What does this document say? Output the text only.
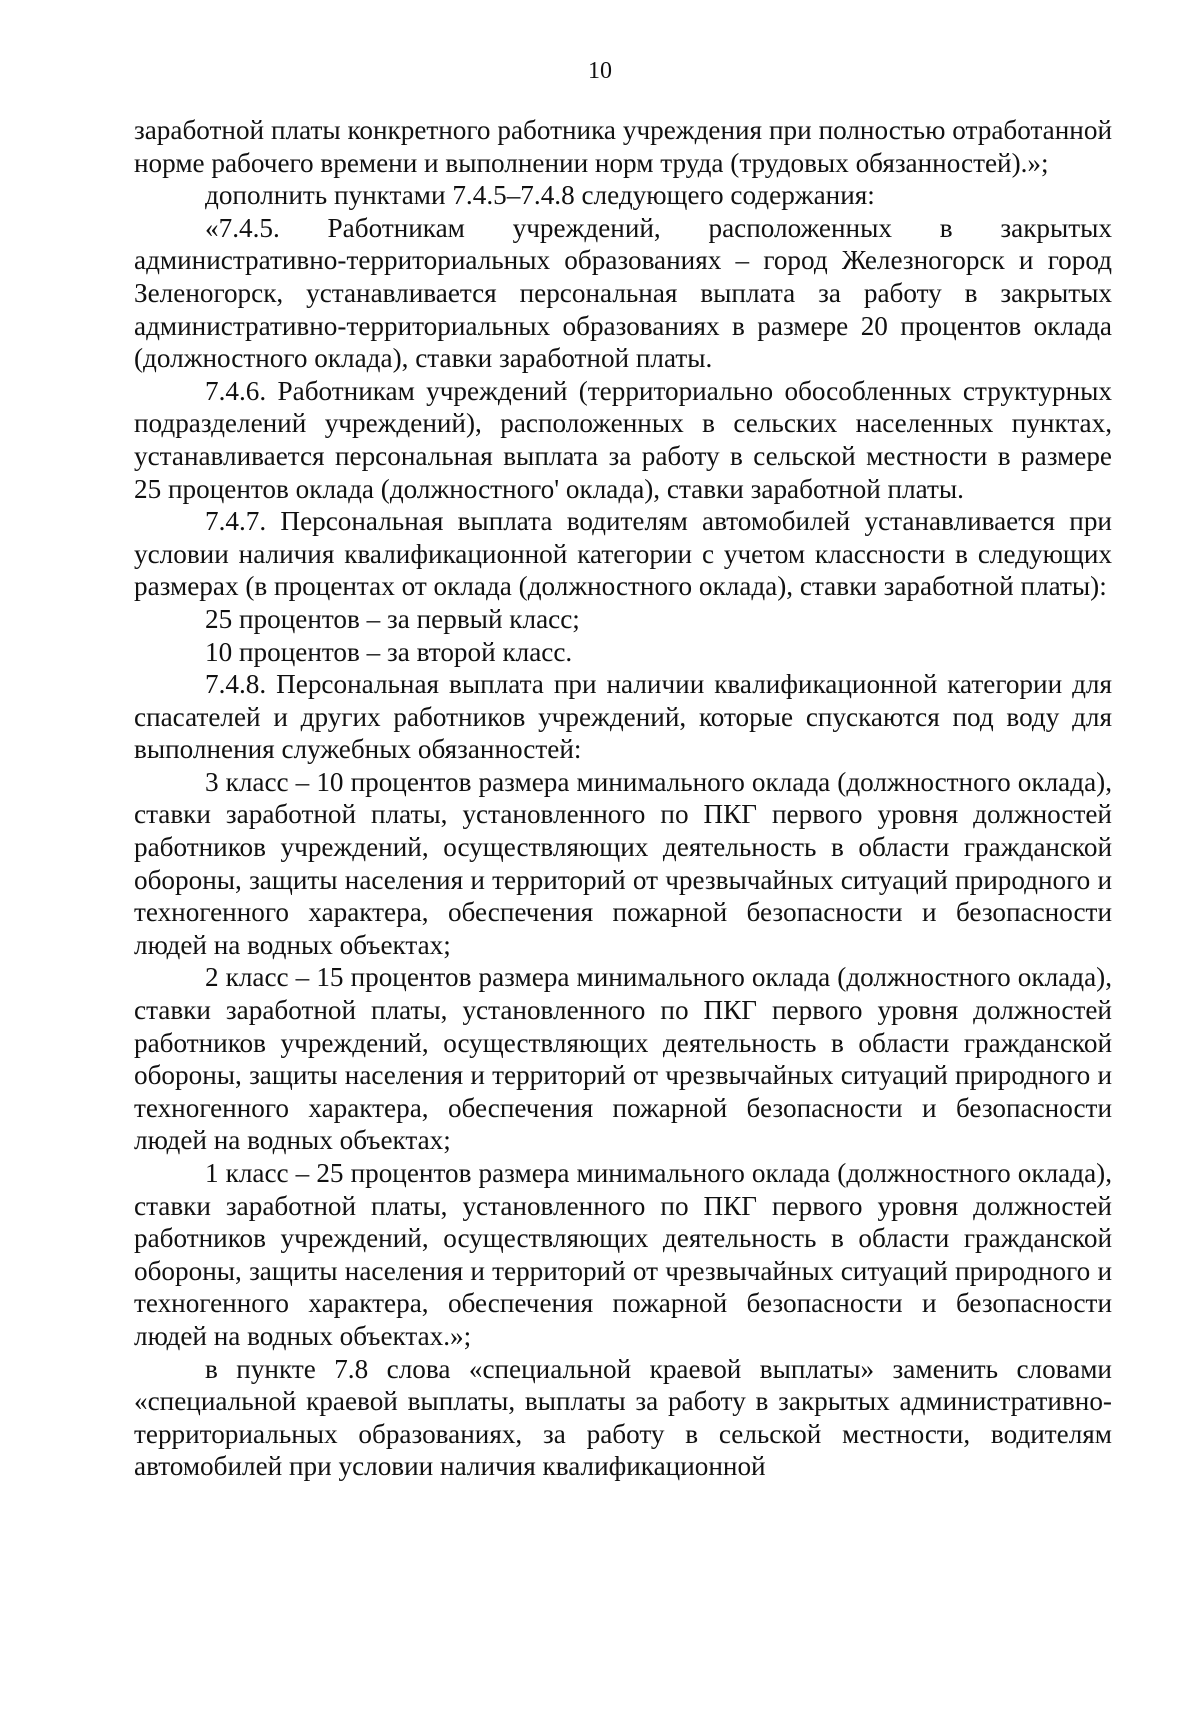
10

заработной платы конкретного работника учреждения при полностью отработанной норме рабочего времени и выполнении норм труда (трудовых обязанностей).»;

дополнить пунктами 7.4.5–7.4.8 следующего содержания:

«7.4.5. Работникам учреждений, расположенных в закрытых административно-территориальных образованиях – город Железногорск и город Зеленогорск, устанавливается персональная выплата за работу в закрытых административно-территориальных образованиях в размере 20 процентов оклада (должностного оклада), ставки заработной платы.

7.4.6. Работникам учреждений (территориально обособленных структурных подразделений учреждений), расположенных в сельских населенных пунктах, устанавливается персональная выплата за работу в сельской местности в размере 25 процентов оклада (должностного' оклада), ставки заработной платы.

7.4.7. Персональная выплата водителям автомобилей устанавливается при условии наличия квалификационной категории с учетом классности в следующих размерах (в процентах от оклада (должностного оклада), ставки заработной платы):

25 процентов – за первый класс;

10 процентов – за второй класс.

7.4.8. Персональная выплата при наличии квалификационной категории для спасателей и других работников учреждений, которые спускаются под воду для выполнения служебных обязанностей:

3 класс – 10 процентов размера минимального оклада (должностного оклада), ставки заработной платы, установленного по ПКГ первого уровня должностей работников учреждений, осуществляющих деятельность в области гражданской обороны, защиты населения и территорий от чрезвычайных ситуаций природного и техногенного характера, обеспечения пожарной безопасности и безопасности людей на водных объектах;

2 класс – 15 процентов размера минимального оклада (должностного оклада), ставки заработной платы, установленного по ПКГ первого уровня должностей работников учреждений, осуществляющих деятельность в области гражданской обороны, защиты населения и территорий от чрезвычайных ситуаций природного и техногенного характера, обеспечения пожарной безопасности и безопасности людей на водных объектах;

1 класс – 25 процентов размера минимального оклада (должностного оклада), ставки заработной платы, установленного по ПКГ первого уровня должностей работников учреждений, осуществляющих деятельность в области гражданской обороны, защиты населения и территорий от чрезвычайных ситуаций природного и техногенного характера, обеспечения пожарной безопасности и безопасности людей на водных объектах.»;

в пункте 7.8 слова «специальной краевой выплаты» заменить словами «специальной краевой выплаты, выплаты за работу в закрытых административно-территориальных образованиях, за работу в сельской местности, водителям автомобилей при условии наличия квалификационной
